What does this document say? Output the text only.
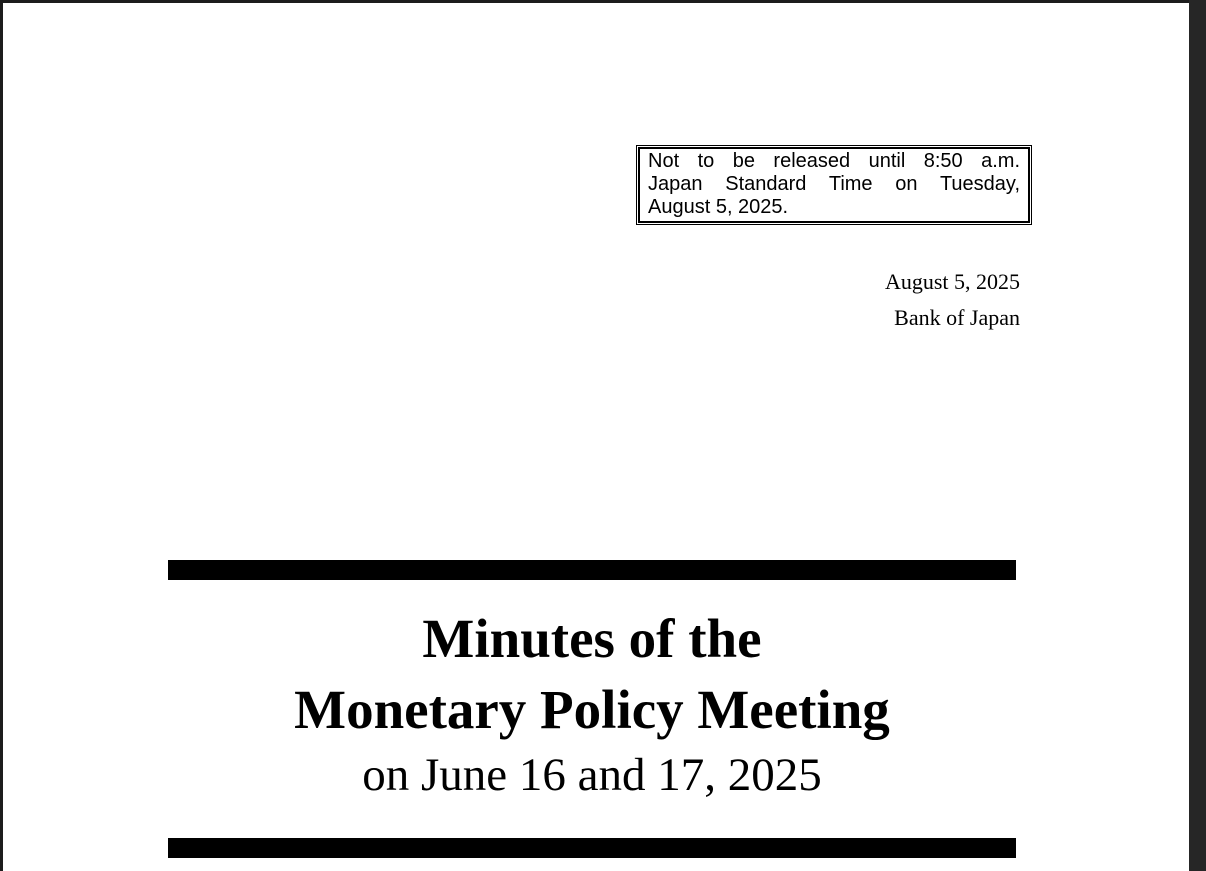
Not to be released until 8:50 a.m.
Japan Standard Time on Tuesday,
August 5, 2025.
August 5, 2025
Bank of Japan
Minutes of the
Monetary Policy Meeting
on June 16 and 17, 2025
